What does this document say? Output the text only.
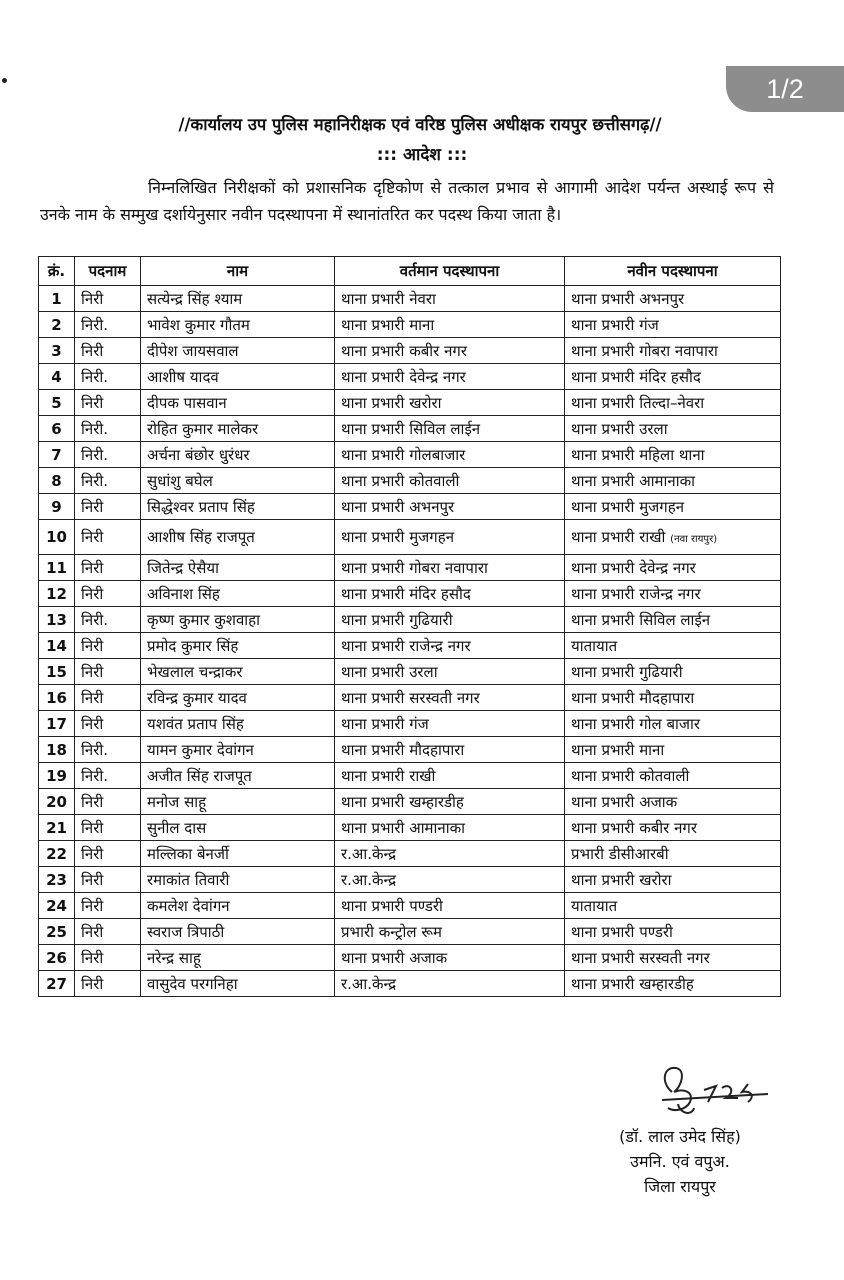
1/2
//कार्यालय उप पुलिस महानिरीक्षक एवं वरिष्ठ पुलिस अधीक्षक रायपुर छत्तीसगढ़//
::: आदेश :::

निम्नलिखित निरीक्षकों को प्रशासनिक दृष्टिकोण से तत्काल प्रभाव से आगामी आदेश पर्यन्त अस्थाई रूप से उनके नाम के सम्मुख दर्शायेनुसार नवीन पदस्थापना में स्थानांतरित कर पदस्थ किया जाता है।

क्रं.	पदनाम	नाम	वर्तमान पदस्थापना	नवीन पदस्थापना
1	निरी	सत्येन्द्र सिंह श्याम	थाना प्रभारी नेवरा	थाना प्रभारी अभनपुर
2	निरी.	भावेश कुमार गौतम	थाना प्रभारी माना	थाना प्रभारी गंज
3	निरी	दीपेश जायसवाल	थाना प्रभारी कबीर नगर	थाना प्रभारी गोबरा नवापारा
4	निरी.	आशीष यादव	थाना प्रभारी देवेन्द्र नगर	थाना प्रभारी मंदिर हसौद
5	निरी	दीपक पासवान	थाना प्रभारी खरोरा	थाना प्रभारी तिल्दा–नेवरा
6	निरी.	रोहित कुमार मालेकर	थाना प्रभारी सिविल लाईन	थाना प्रभारी उरला
7	निरी.	अर्चना बंछोर धुरंधर	थाना प्रभारी गोलबाजार	थाना प्रभारी महिला थाना
8	निरी.	सुधांशु बघेल	थाना प्रभारी कोतवाली	थाना प्रभारी आमानाका
9	निरी	सिद्धेश्वर प्रताप सिंह	थाना प्रभारी अभनपुर	थाना प्रभारी मुजगहन
10	निरी	आशीष सिंह राजपूत	थाना प्रभारी मुजगहन	थाना प्रभारी राखी (नवा रायपुर)
11	निरी	जितेन्द्र ऐसैया	थाना प्रभारी गोबरा नवापारा	थाना प्रभारी देवेन्द्र नगर
12	निरी	अविनाश सिंह	थाना प्रभारी मंदिर हसौद	थाना प्रभारी राजेन्द्र नगर
13	निरी.	कृष्ण कुमार कुशवाहा	थाना प्रभारी गुढियारी	थाना प्रभारी सिविल लाईन
14	निरी	प्रमोद कुमार सिंह	थाना प्रभारी राजेन्द्र नगर	यातायात
15	निरी	भेखलाल चन्द्राकर	थाना प्रभारी उरला	थाना प्रभारी गुढियारी
16	निरी	रविन्द्र कुमार यादव	थाना प्रभारी सरस्वती नगर	थाना प्रभारी मौदहापारा
17	निरी	यशवंत प्रताप सिंह	थाना प्रभारी गंज	थाना प्रभारी गोल बाजार
18	निरी.	यामन कुमार देवांगन	थाना प्रभारी मौदहापारा	थाना प्रभारी माना
19	निरी.	अजीत सिंह राजपूत	थाना प्रभारी राखी	थाना प्रभारी कोतवाली
20	निरी	मनोज साहू	थाना प्रभारी खम्हारडीह	थाना प्रभारी अजाक
21	निरी	सुनील दास	थाना प्रभारी आमानाका	थाना प्रभारी कबीर नगर
22	निरी	मल्लिका बेनर्जी	र.आ.केन्द्र	प्रभारी डीसीआरबी
23	निरी	रमाकांत तिवारी	र.आ.केन्द्र	थाना प्रभारी खरोरा
24	निरी	कमलेश देवांगन	थाना प्रभारी पण्डरी	यातायात
25	निरी	स्वराज त्रिपाठी	प्रभारी कन्ट्रोल रूम	थाना प्रभारी पण्डरी
26	निरी	नरेन्द्र साहू	थाना प्रभारी अजाक	थाना प्रभारी सरस्वती नगर
27	निरी	वासुदेव परगनिहा	र.आ.केन्द्र	थाना प्रभारी खम्हारडीह
(डॉ. लाल उमेद सिंह)
उमनि. एवं वपुअ.
जिला रायपुर
